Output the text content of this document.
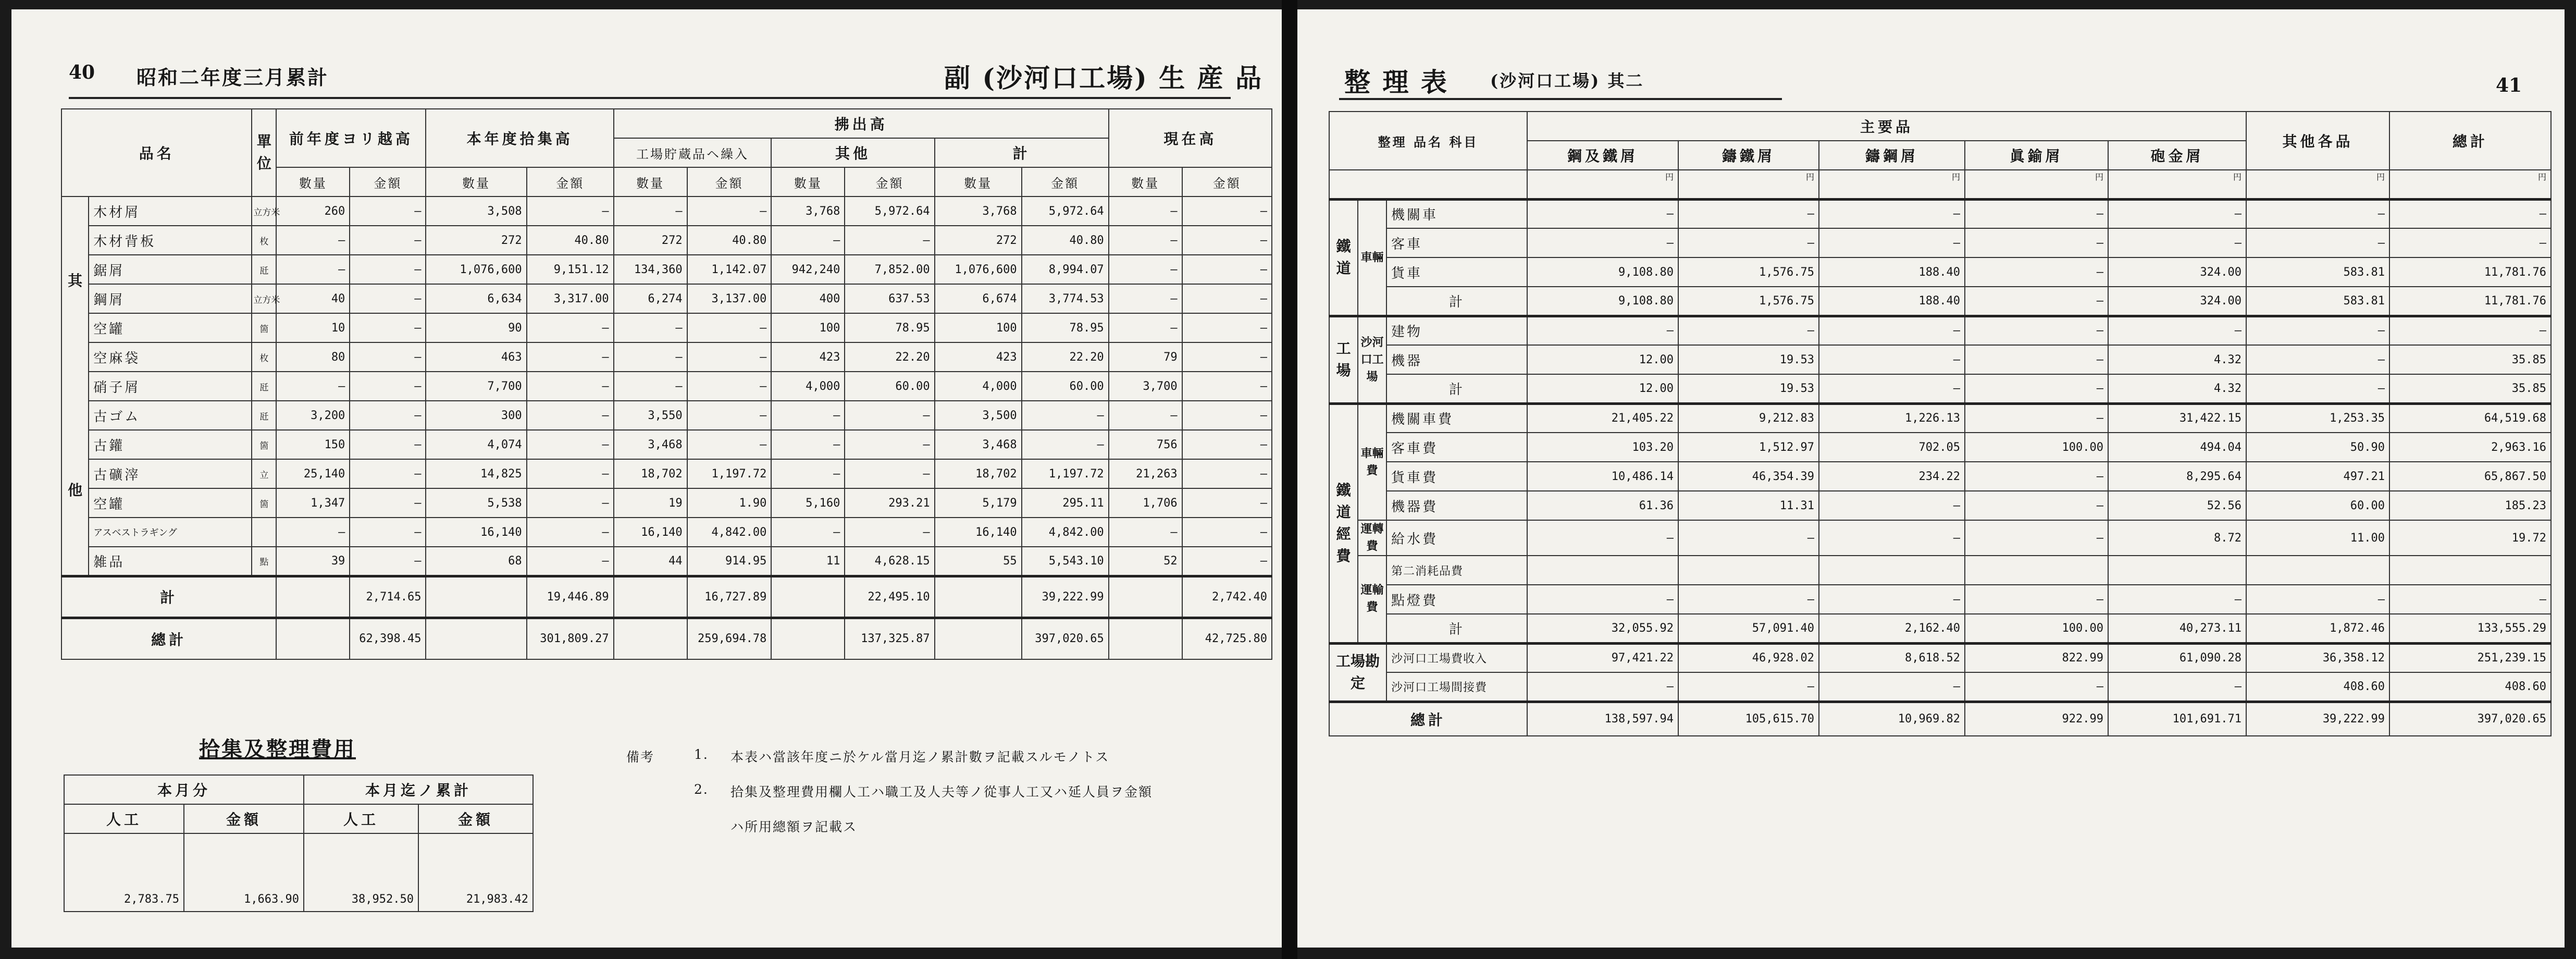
40 昭和二年度三月累計	副 (沙河口工場) 生 産 品
品名		單位	前年度ヨリ越高		本年度拾集高		拂出高						現在高	
							工場貯蔵品ヘ繰入		其他		計			
			數量	金額	數量	金額	數量	金額	數量	金額	數量	金額	數量	金額

其
他	木材屑	立方米	260	—	3,508	—	—	—	3,768	5,972.64	3,768	5,972.64	—	—
	木材背板	枚	—	—	272	40.80	272	40.80	—	—	272	40.80	—	—
	鋸屑	瓩	—	—	1,076,600	9,151.12	134,360	1,142.07	942,240	7,852.00	1,076,600	8,994.07	—	—
	鋼屑	立方米	40	—	6,634	3,317.00	6,274	3,137.00	400	637.53	6,674	3,774.53	—	—
	空罐	箇	10	—	90	—	—	—	100	78.95	100	78.95	—	—
	空麻袋	枚	80	—	463	—	—	—	423	22.20	423	22.20	79	—
	硝子屑	瓩	—	—	7,700	—	—	—	4,000	60.00	4,000	60.00	3,700	—
	古ゴム	瓩	3,200	—	300	—	3,550	—	—	—	3,500	—	—	—
	古鑵	箇	150	—	4,074	—	3,468	—	—	—	3,468	—	756	—
	古礦滓	立	25,140	—	14,825	—	18,702	1,197.72	—	—	18,702	1,197.72	21,263	—
	空罐	箇	1,347	—	5,538	—	19	1.90	5,160	293.21	5,179	295.11	1,706	—
	アスベストラギング		—	—	16,140	—	16,140	4,842.00	—	—	16,140	4,842.00	—	—
	雑品	點	39	—	68	—	44	914.95	11	4,628.15	55	5,543.10	52	—
計				2,714.65		19,446.89		16,727.89		22,495.10		39,222.99		2,742.40
總計				62,398.45		301,809.27		259,694.78		137,325.87		397,020.65		42,725.80
拾集及整理費用
本月分		本月迄ノ累計	
人工	金額	人工	金額
2,783.75	1,663.90	38,952.50	21,983.42
備考	1. 本表ハ當該年度ニ於ケル當月迄ノ累計數ヲ記載スルモノトス
2. 拾集及整理費用欄人工ハ職工及人夫等ノ從事人工又ハ延人員ヲ金額
ハ所用總額ヲ記載ス
整 理 表	(沙河口工場) 其二	41
整理 品名 科目			主要品					其他各品	總計
			鋼及鐵屑	鑄鐵屑	鑄鋼屑	眞鍮屑	砲金屑		
			円	円	円	円	円	円	円
鐵道	車輛	機關車	—	—	—	—	—	—	—
		客車	—	—	—	—	—	—	—
		貨車	9,108.80	1,576.75	188.40	—	324.00	583.81	11,781.76
		計	9,108.80	1,576.75	188.40	—	324.00	583.81	11,781.76
工場	沙河口工場	建物	—	—	—	—	—	—	—
		機器	12.00	19.53	—	—	4.32	—	35.85
		計	12.00	19.53	—	—	4.32	—	35.85
鐵道經費	車輛費	機關車費	21,405.22	9,212.83	1,226.13	—	31,422.15	1,253.35	64,519.68
		客車費	103.20	1,512.97	702.05	100.00	494.04	50.90	2,963.16
		貨車費	10,486.14	46,354.39	234.22	—	8,295.64	497.21	65,867.50
		機器費	61.36	11.31	—	—	52.56	60.00	185.23
	運轉費	給水費	—	—	—	—	8.72	11.00	19.72
	運輸費	第二消耗品費							
		點燈費	—	—	—	—	—	—	—
		計	32,055.92	57,091.40	2,162.40	100.00	40,273.11	1,872.46	133,555.29
工場勘定		沙河口工場費收入	97,421.22	46,928.02	8,618.52	822.99	61,090.28	36,358.12	251,239.15
		沙河口工場間接費	—	—	—	—	—	408.60	408.60
總計			138,597.94	105,615.70	10,969.82	922.99	101,691.71	39,222.99	397,020.65
